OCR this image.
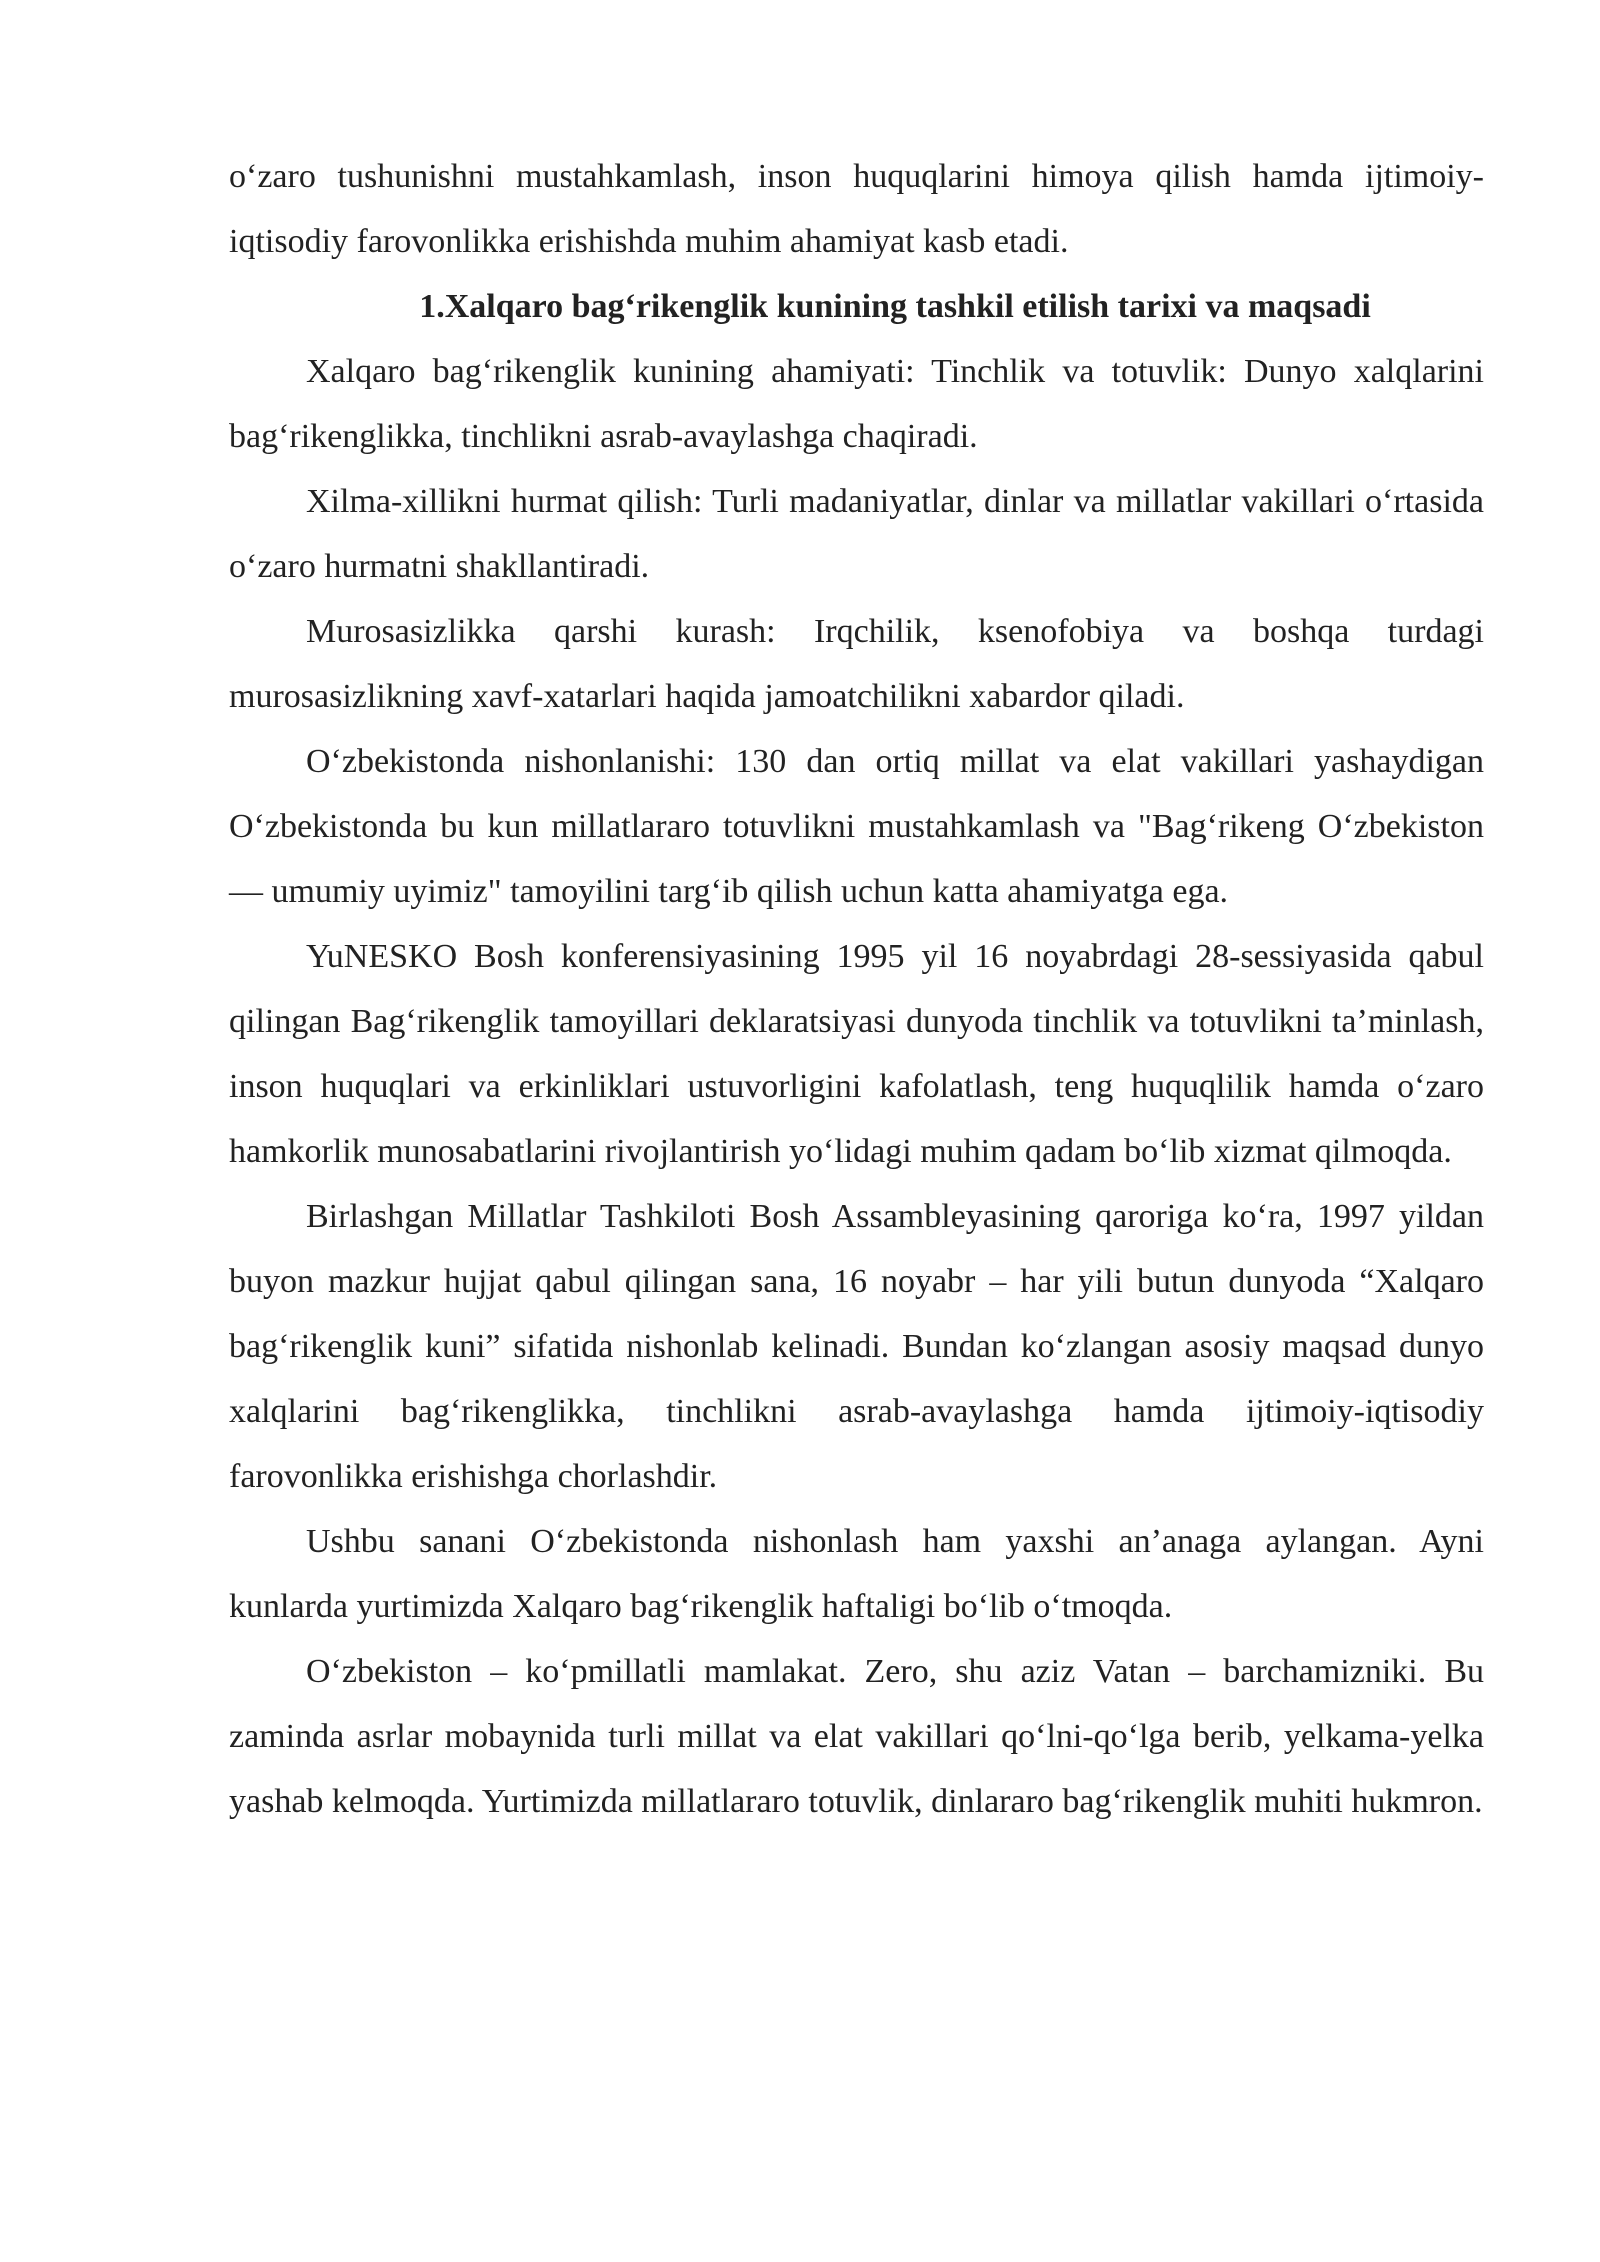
o‘zaro tushunishni mustahkamlash, inson huquqlarini himoya qilish hamda ijtimoiy-iqtisodiy farovonlikka erishishda muhim ahamiyat kasb etadi.

1.Xalqaro bag‘rikenglik kunining tashkil etilish tarixi va maqsadi

Xalqaro bag‘rikenglik kunining ahamiyati: Tinchlik va totuvlik: Dunyo xalqlarini bag‘rikenglikka, tinchlikni asrab-avaylashga chaqiradi.

Xilma-xillikni hurmat qilish: Turli madaniyatlar, dinlar va millatlar vakillari o‘rtasida o‘zaro hurmatni shakllantiradi.

Murosasizlikka qarshi kurash: Irqchilik, ksenofobiya va boshqa turdagi murosasizlikning xavf-xatarlari haqida jamoatchilikni xabardor qiladi.

O‘zbekistonda nishonlanishi: 130 dan ortiq millat va elat vakillari yashaydigan O‘zbekistonda bu kun millatlararo totuvlikni mustahkamlash va "Bag‘rikeng O‘zbekiston — umumiy uyimiz" tamoyilini targ‘ib qilish uchun katta ahamiyatga ega.

YuNESKO Bosh konferensiyasining 1995 yil 16 noyabrdagi 28-sessiyasida qabul qilingan Bag‘rikenglik tamoyillari deklaratsiyasi dunyoda tinchlik va totuvlikni ta’minlash, inson huquqlari va erkinliklari ustuvorligini kafolatlash, teng huquqlilik hamda o‘zaro hamkorlik munosabatlarini rivojlantirish yo‘lidagi muhim qadam bo‘lib xizmat qilmoqda.

Birlashgan Millatlar Tashkiloti Bosh Assambleyasining qaroriga ko‘ra, 1997 yildan buyon mazkur hujjat qabul qilingan sana, 16 noyabr – har yili butun dunyoda “Xalqaro bag‘rikenglik kuni” sifatida nishonlab kelinadi. Bundan ko‘zlangan asosiy maqsad dunyo xalqlarini bag‘rikenglikka, tinchlikni asrab-avaylashga hamda ijtimoiy-iqtisodiy farovonlikka erishishga chorlashdir.

Ushbu sanani O‘zbekistonda nishonlash ham yaxshi an’anaga aylangan. Ayni kunlarda yurtimizda Xalqaro bag‘rikenglik haftaligi bo‘lib o‘tmoqda.

O‘zbekiston – ko‘pmillatli mamlakat. Zero, shu aziz Vatan – barchamizniki. Bu zaminda asrlar mobaynida turli millat va elat vakillari qo‘lni-qo‘lga berib, yelkama-yelka yashab kelmoqda. Yurtimizda millatlararo totuvlik, dinlararo bag‘rikenglik muhiti hukmron.
